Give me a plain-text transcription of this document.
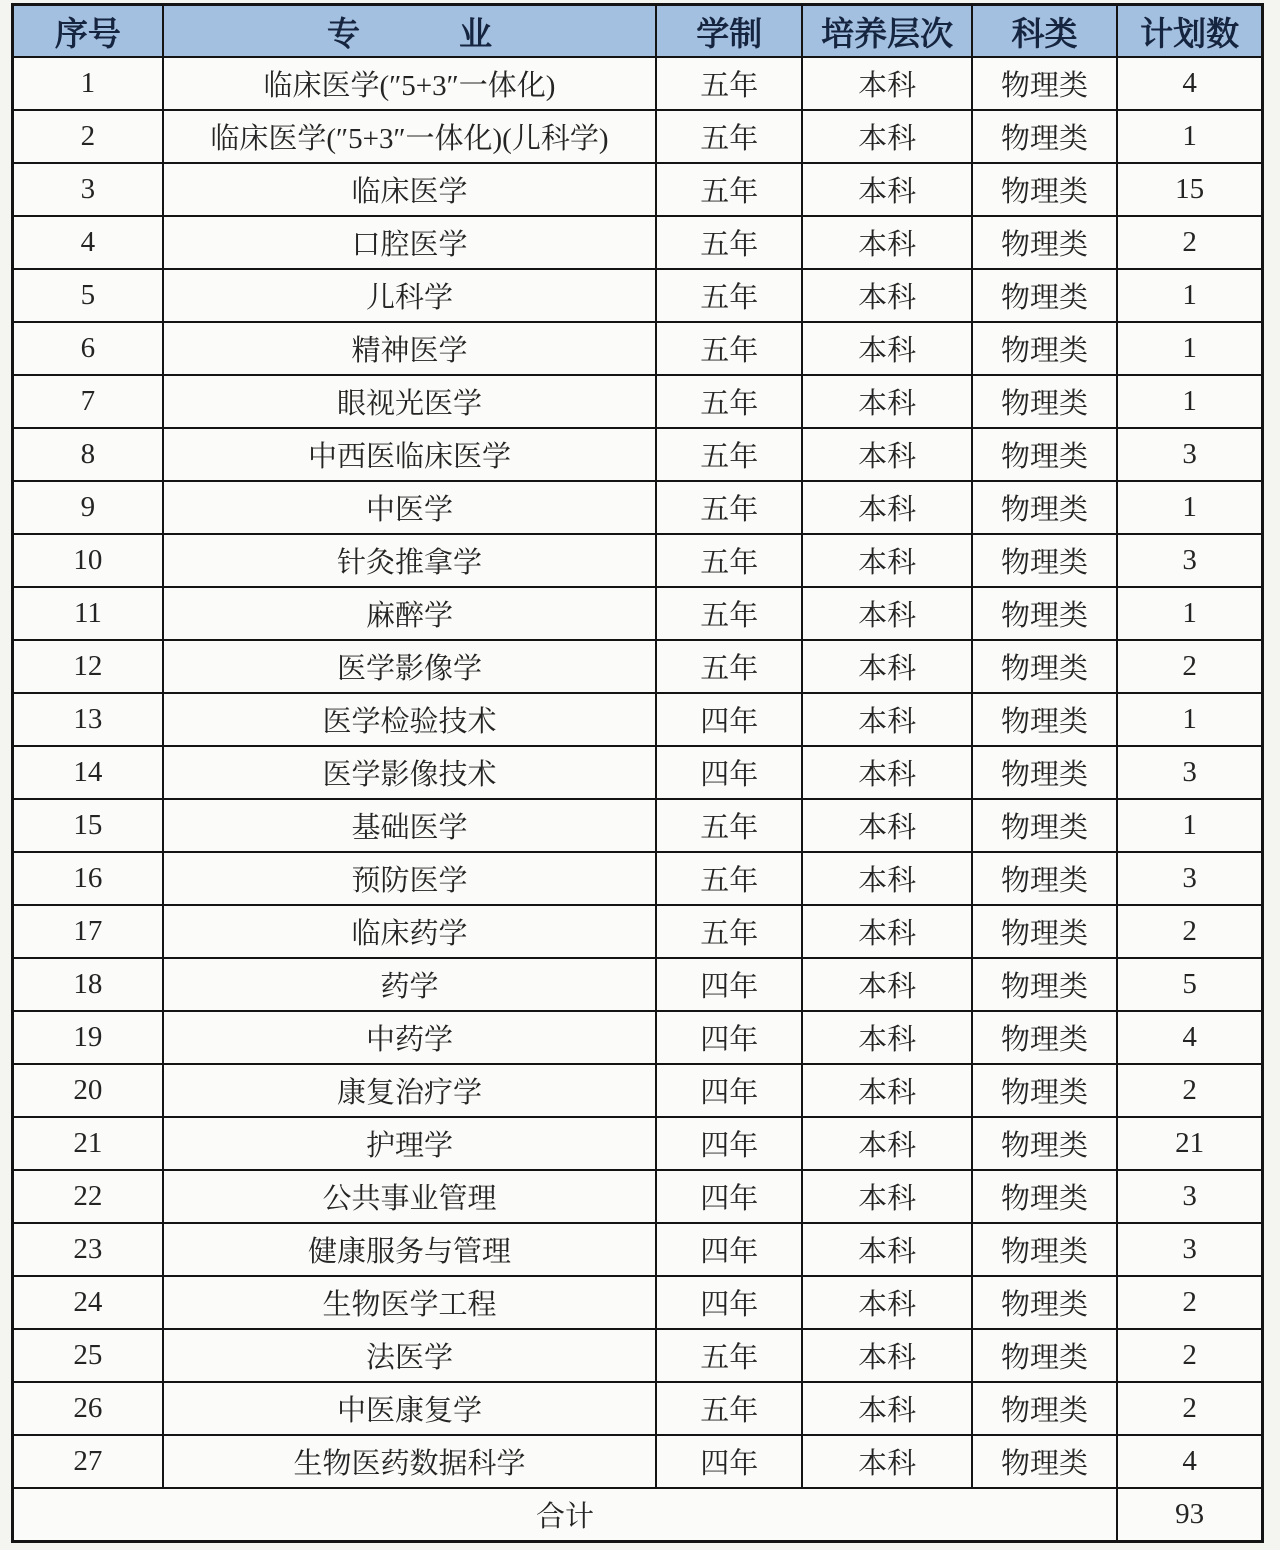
序号	专　　　业	学制	培养层次	科类	计划数
1	临床医学(″5+3″一体化)	五年	本科	物理类	4
2	临床医学(″5+3″一体化)(儿科学)	五年	本科	物理类	1
3	临床医学	五年	本科	物理类	15
4	口腔医学	五年	本科	物理类	2
5	儿科学	五年	本科	物理类	1
6	精神医学	五年	本科	物理类	1
7	眼视光医学	五年	本科	物理类	1
8	中西医临床医学	五年	本科	物理类	3
9	中医学	五年	本科	物理类	1
10	针灸推拿学	五年	本科	物理类	3
11	麻醉学	五年	本科	物理类	1
12	医学影像学	五年	本科	物理类	2
13	医学检验技术	四年	本科	物理类	1
14	医学影像技术	四年	本科	物理类	3
15	基础医学	五年	本科	物理类	1
16	预防医学	五年	本科	物理类	3
17	临床药学	五年	本科	物理类	2
18	药学	四年	本科	物理类	5
19	中药学	四年	本科	物理类	4
20	康复治疗学	四年	本科	物理类	2
21	护理学	四年	本科	物理类	21
22	公共事业管理	四年	本科	物理类	3
23	健康服务与管理	四年	本科	物理类	3
24	生物医学工程	四年	本科	物理类	2
25	法医学	五年	本科	物理类	2
26	中医康复学	五年	本科	物理类	2
27	生物医药数据科学	四年	本科	物理类	4
合计					93
